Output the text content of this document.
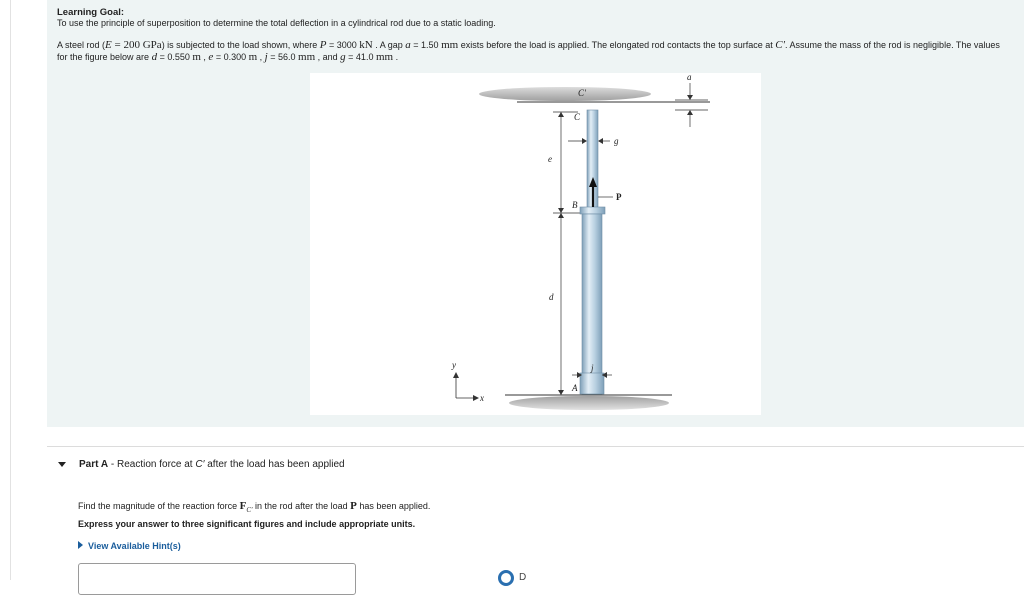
Learning Goal:
To use the principle of superposition to determine the total deflection in a cylindrical rod due to a static loading.
A steel rod (E = 200 GPa) is subjected to the load shown, where P = 3000 kN . A gap a = 1.50 mm exists before the load is applied. The elongated rod contacts the top surface at C′. Assume the mass of the rod is negligible. The values for the figure below are d = 0.550 m , e = 0.300 m , j = 56.0 mm , and g = 41.0 mm .
a
C′
C
g
e
P
B
d
y
x
j
A
Part A - Reaction force at C′ after the load has been applied
Find the magnitude of the reaction force $F_{C'}$ in the rod after the load P has been applied.
Express your answer to three significant figures and include appropriate units.
View Available Hint(s)
D
